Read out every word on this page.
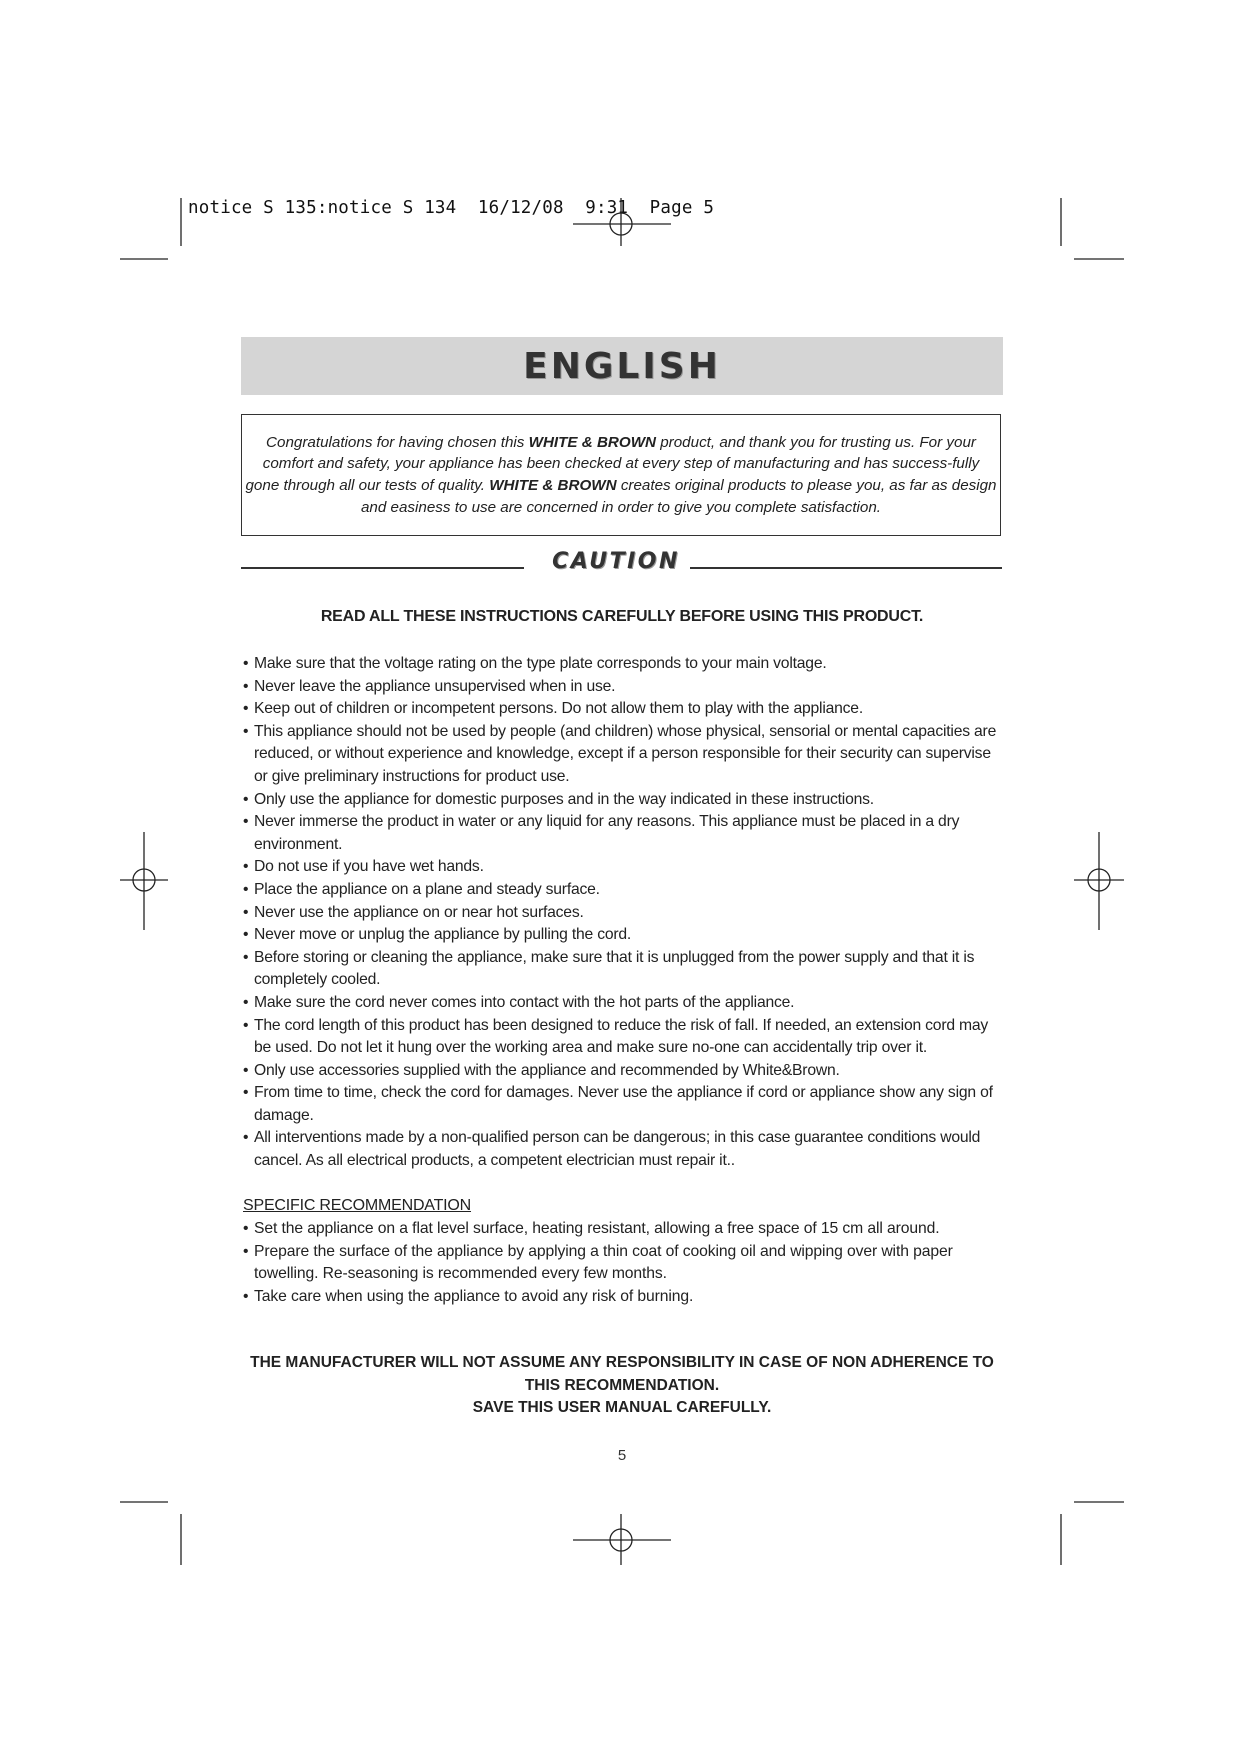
notice S 135:notice S 134  16/12/08  9:31  Page 5
ENGLISH
Congratulations for having chosen this WHITE & BROWN product, and thank you for trusting us. For your comfort and safety, your appliance has been checked at every step of manufacturing and has success-fully gone through all our tests of quality. WHITE & BROWN creates original products to please you, as far as design and easiness to use are concerned in order to give you complete satisfaction.
CAUTION
READ ALL THESE INSTRUCTIONS CAREFULLY BEFORE USING THIS PRODUCT.
• Make sure that the voltage rating on the type plate corresponds to your main voltage.
• Never leave the appliance unsupervised when in use.
• Keep out of children or incompetent persons. Do not allow them to play with the appliance.
• This appliance should not be used by people (and children) whose physical, sensorial or mental capacities are reduced, or without experience and knowledge, except if a person responsible for their security can supervise or give preliminary instructions for product use.
• Only use the appliance for domestic purposes and in the way indicated in these instructions.
• Never immerse the product in water or any liquid for any reasons. This appliance must be placed in a dry environment.
• Do not use if you have wet hands.
• Place the appliance on a plane and steady surface.
• Never use the appliance on or near hot surfaces.
• Never move or unplug the appliance by pulling the cord.
• Before storing or cleaning the appliance, make sure that it is unplugged from the power supply and that it is completely cooled.
• Make sure the cord never comes into contact with the hot parts of the appliance.
• The cord length of this product has been designed to reduce the risk of fall. If needed, an extension cord may be used. Do not let it hung over the working area and make sure no-one can accidentally trip over it.
• Only use accessories supplied with the appliance and recommended by White&Brown.
• From time to time, check the cord for damages. Never use the appliance if cord or appliance show any sign of damage.
• All interventions made by a non-qualified person can be dangerous; in this case guarantee conditions would cancel. As all electrical products, a competent electrician must repair it..
SPECIFIC RECOMMENDATION
• Set the appliance on a flat level surface, heating resistant, allowing a free space of 15 cm all around.
• Prepare the surface of the appliance by applying a thin coat of cooking oil and wipping over with paper towelling. Re-seasoning is recommended every few months.
• Take care when using the appliance to avoid any risk of burning.
THE MANUFACTURER WILL NOT ASSUME ANY RESPONSIBILITY IN CASE OF NON ADHERENCE TO
THIS RECOMMENDATION.
SAVE THIS USER MANUAL CAREFULLY.
5
